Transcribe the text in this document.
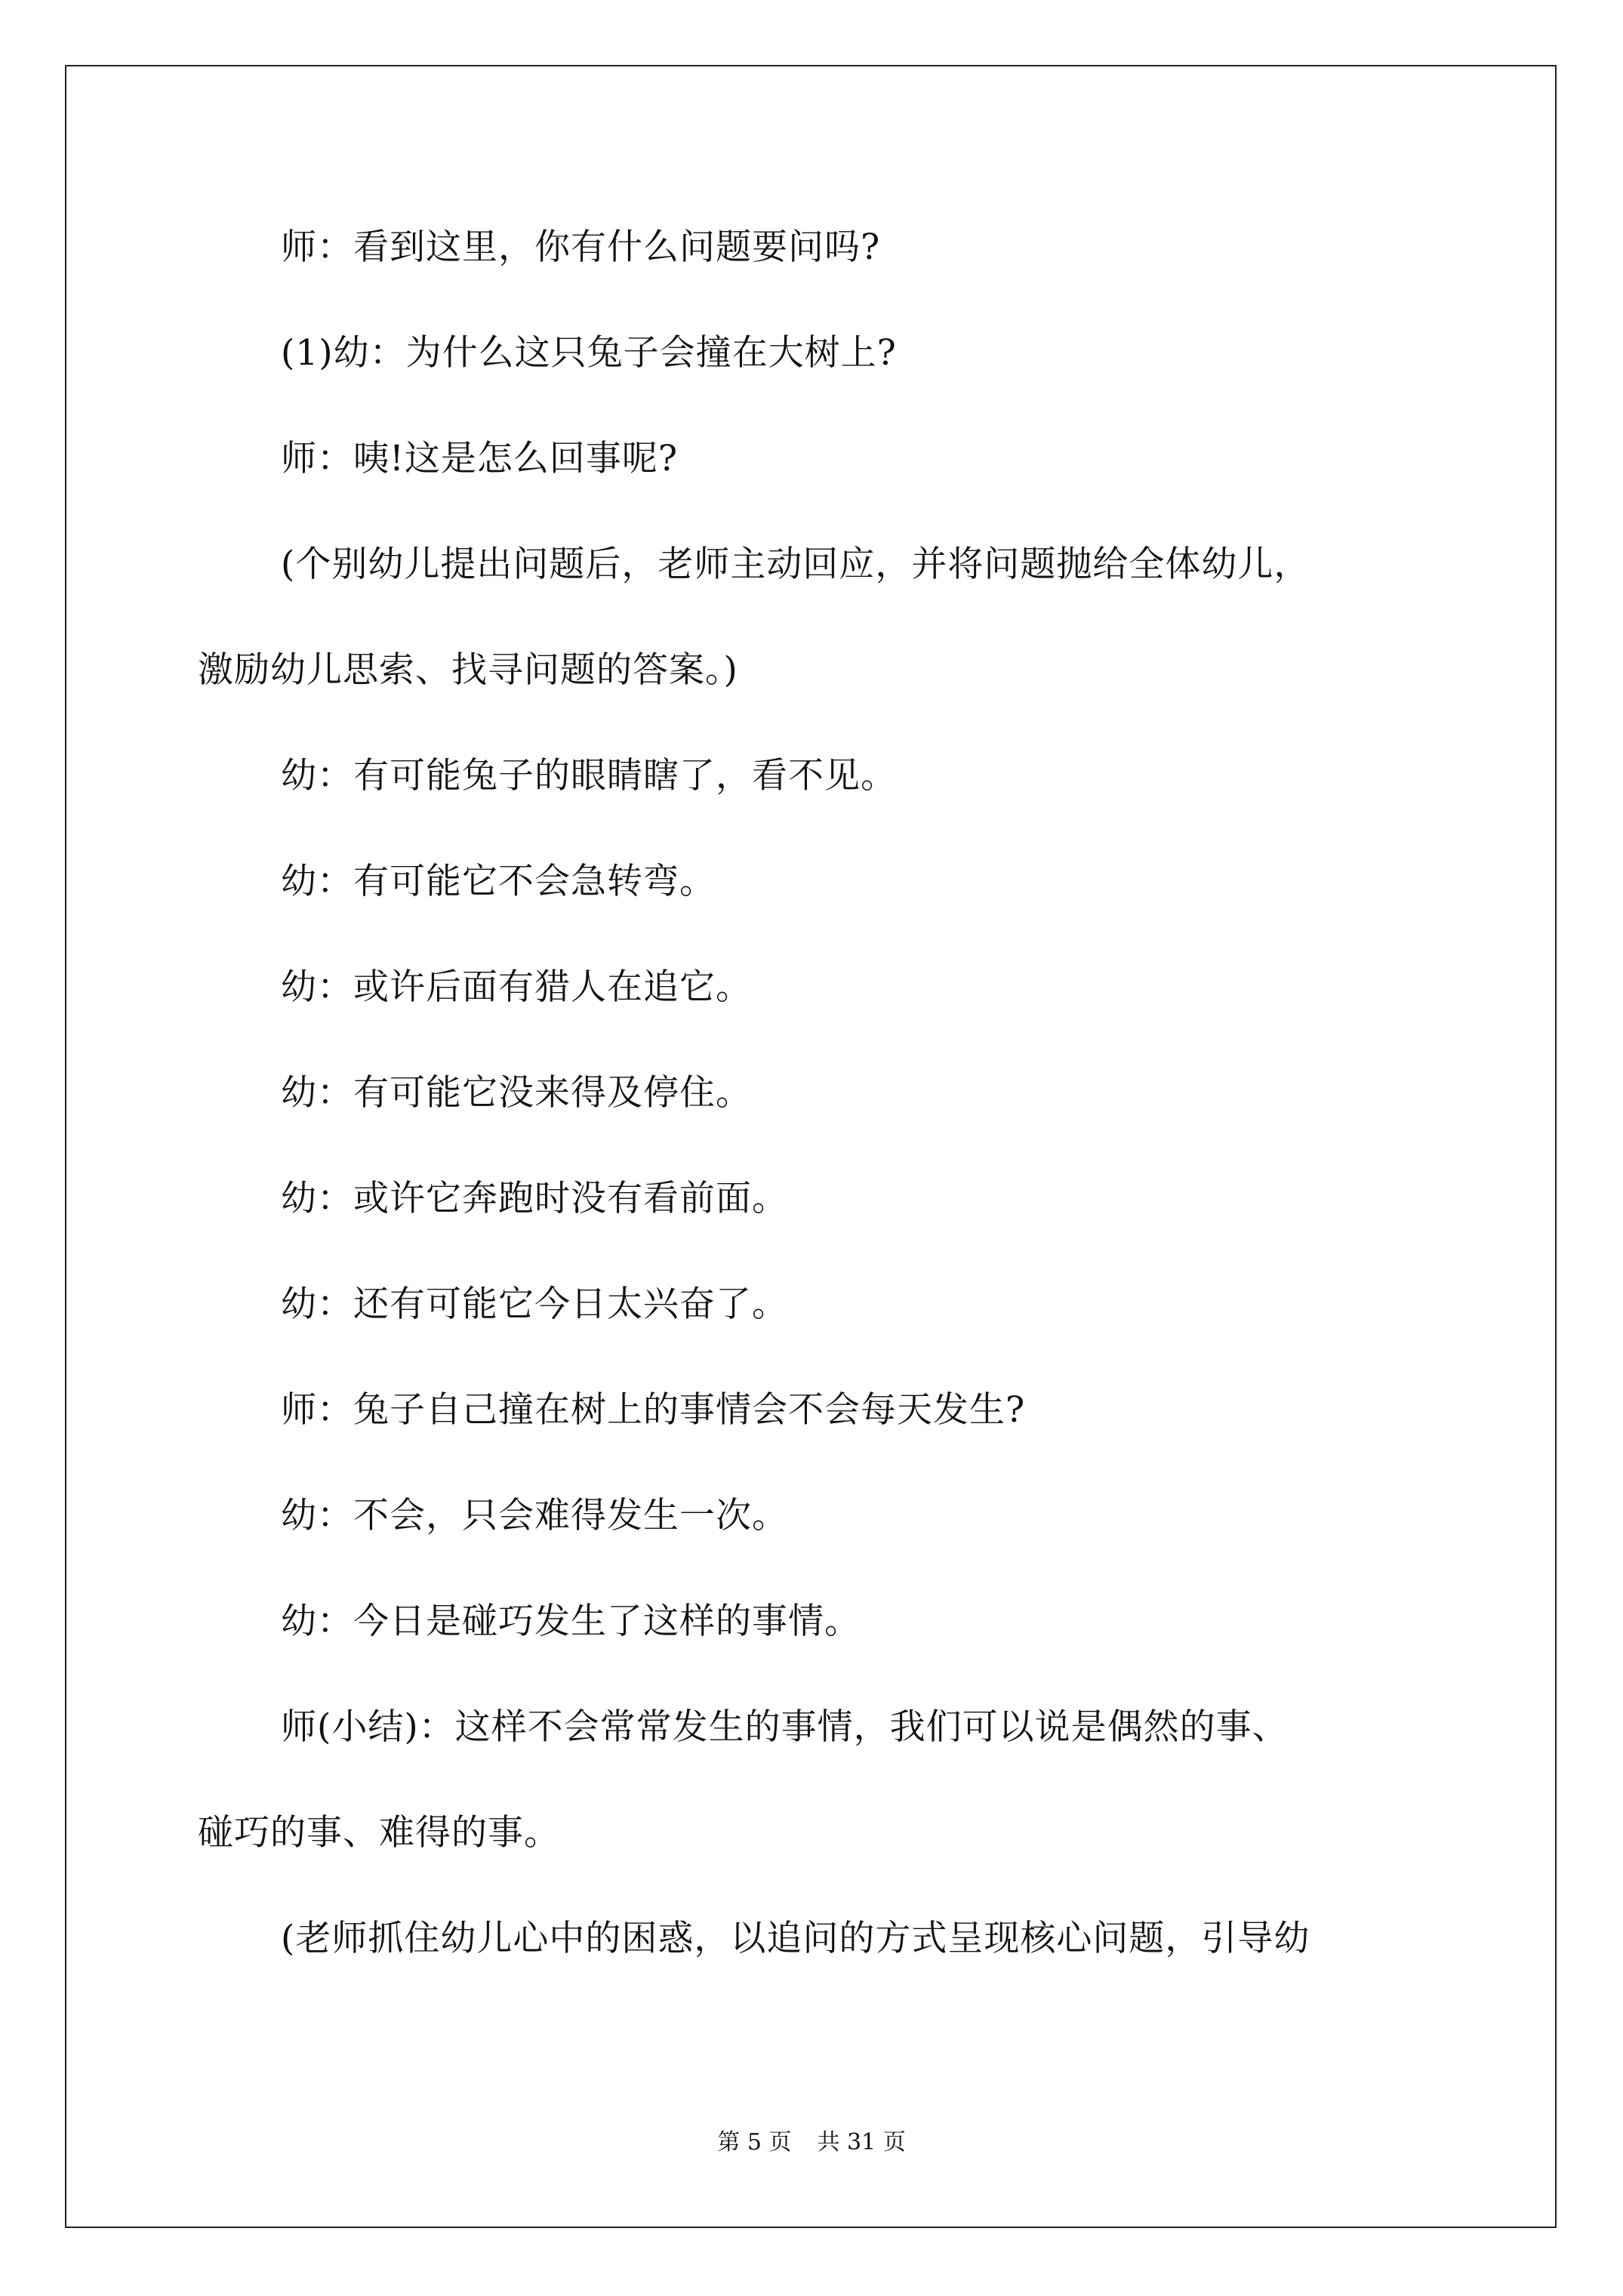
师：看到这里，你有什么问题要问吗?
(1)幼：为什么这只兔子会撞在大树上?
师：咦!这是怎么回事呢?
(个别幼儿提出问题后，老师主动回应，并将问题抛给全体幼儿，
激励幼儿思索、找寻问题的答案。)
幼：有可能兔子的眼睛瞎了，看不见。
幼：有可能它不会急转弯。
幼：或许后面有猎人在追它。
幼：有可能它没来得及停住。
幼：或许它奔跑时没有看前面。
幼：还有可能它今日太兴奋了。
师：兔子自己撞在树上的事情会不会每天发生?
幼：不会，只会难得发生一次。
幼：今日是碰巧发生了这样的事情。
师(小结)：这样不会常常发生的事情，我们可以说是偶然的事、
碰巧的事、难得的事。
(老师抓住幼儿心中的困惑，以追问的方式呈现核心问题，引导幼
第 5 页 共 31 页
